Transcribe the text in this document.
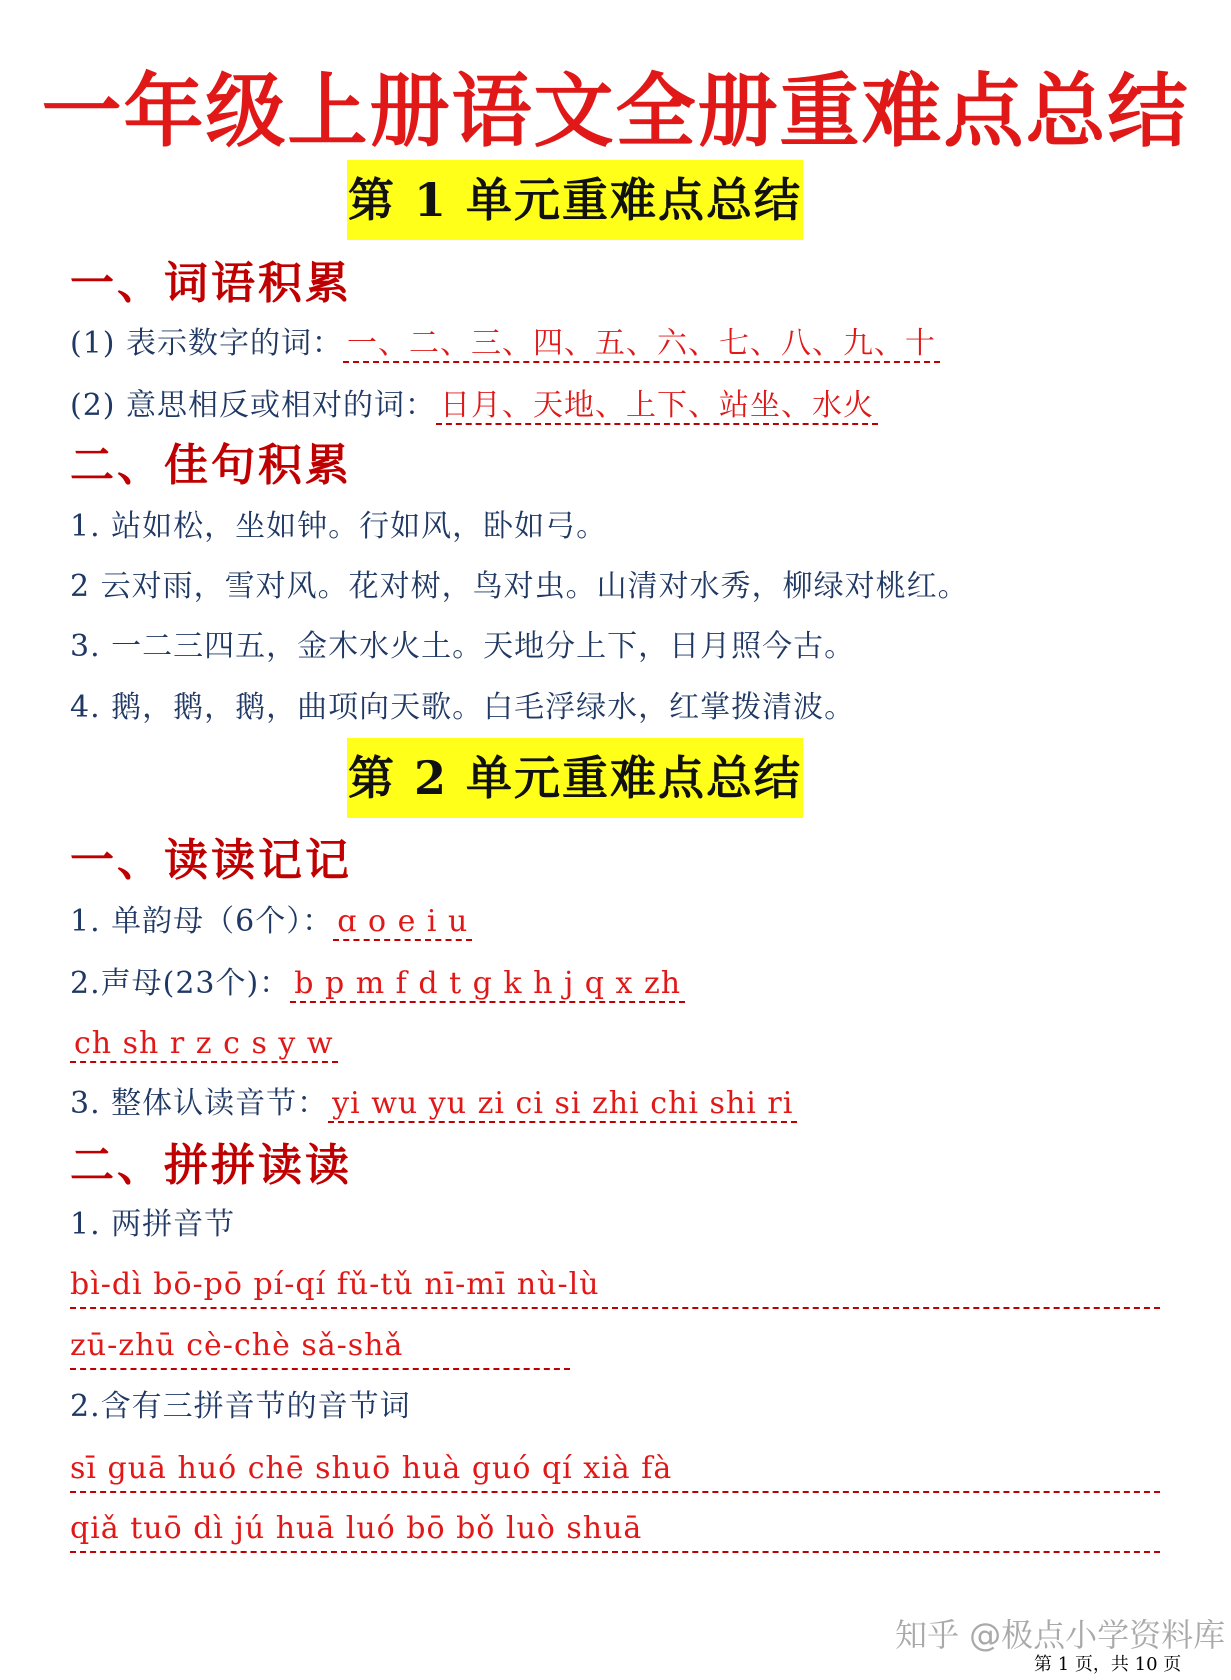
一年级上册语文全册重难点总结
第 1 单元重难点总结
一、词语积累
(1) 表示数字的词： 一、二、三、四、五、六、七、八、九、十
(2) 意思相反或相对的词： 日月、天地、上下、站坐、水火
二、佳句积累
1. 站如松，坐如钟。行如风，卧如弓。
2 云对雨，雪对风。花对树，鸟对虫。山清对水秀，柳绿对桃红。
3. 一二三四五，金木水火土。天地分上下，日月照今古。
4. 鹅，鹅，鹅，曲项向天歌。白毛浮绿水，红掌拨清波。
第 2 单元重难点总结
一、读读记记
1. 单韵母（6个）： ɑ o e i u
2.声母(23个)： b p m f d t g k h j q x zh
ch sh r z c s y w
3. 整体认读音节： yi wu yu zi ci si zhi chi shi ri
二、拼拼读读
1. 两拼音节
bì-dì bō-pō pí-qí fǔ-tǔ nī-mī nù-lù
zū-zhū cè-chè sǎ-shǎ
2.含有三拼音节的音节词
sī guā huó chē shuō huà guó qí xià fà
qiǎ tuō dì jú huā luó bō bǒ luò shuā
知乎 @极点小学资料库
第 1 页，共 10 页
